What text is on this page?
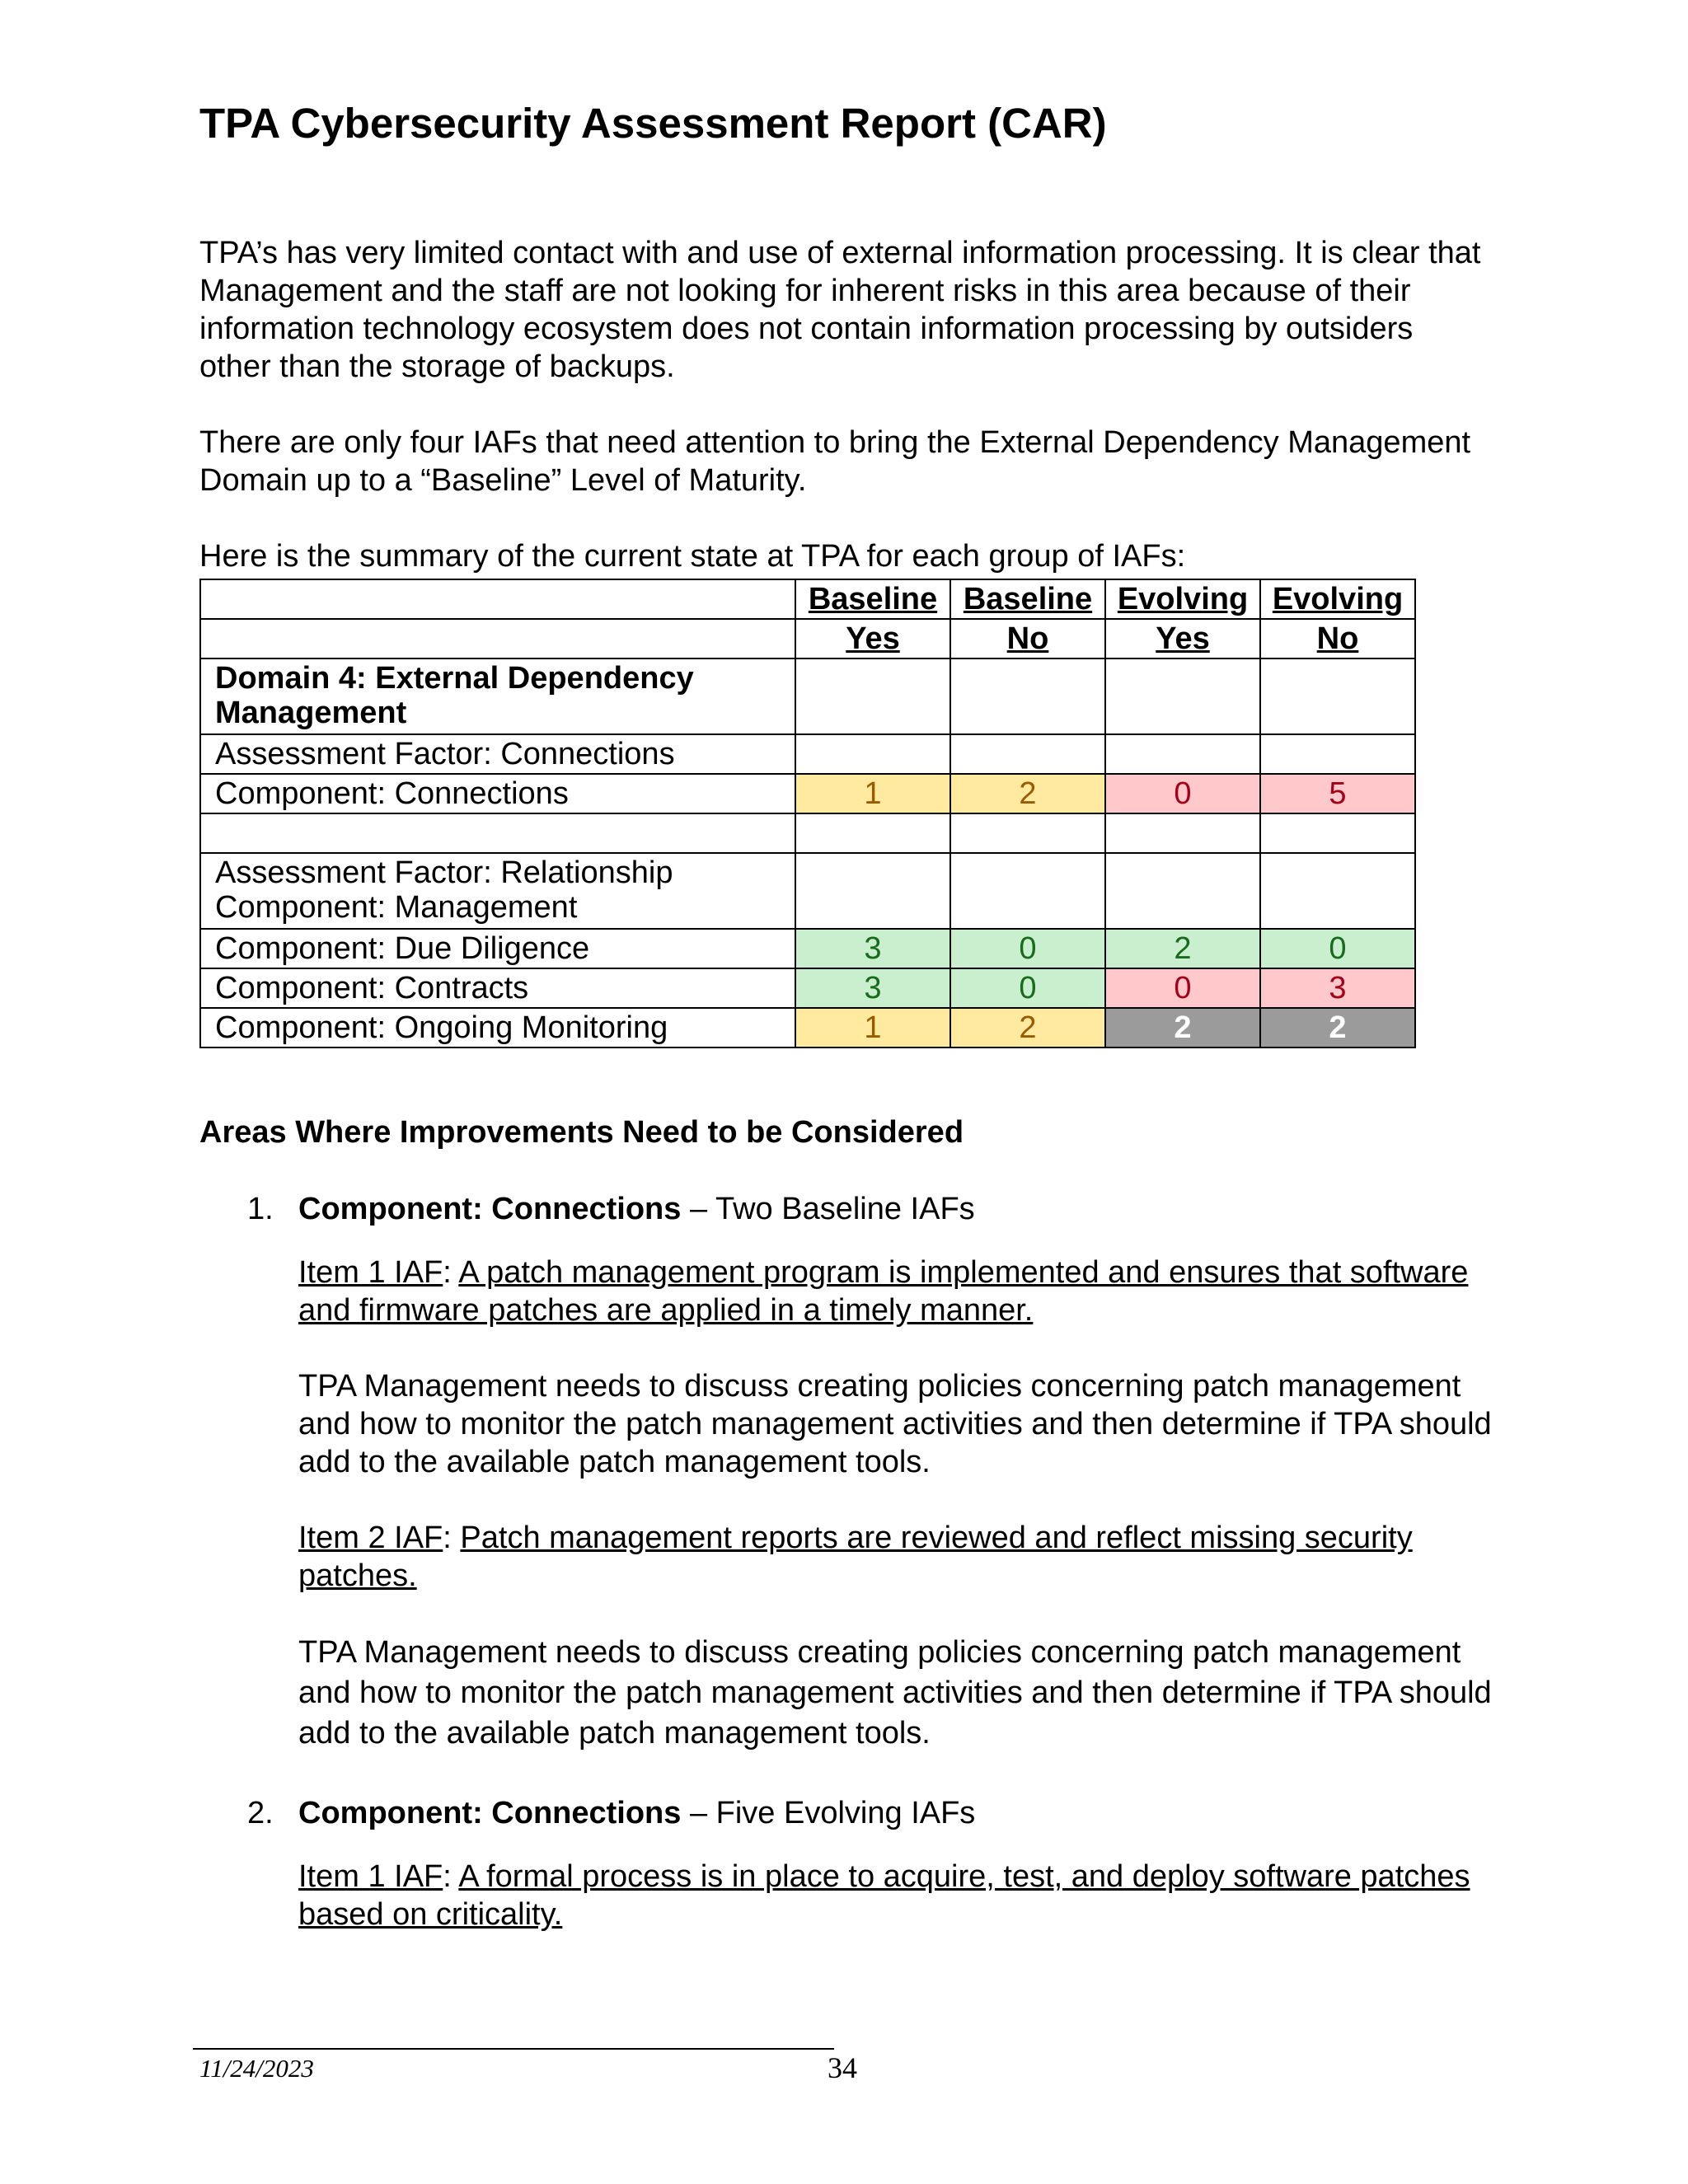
TPA Cybersecurity Assessment Report (CAR)

TPA’s has very limited contact with and use of external information processing. It is clear that Management and the staff are not looking for inherent risks in this area because of their information technology ecosystem does not contain information processing by outsiders other than the storage of backups.

There are only four IAFs that need attention to bring the External Dependency Management Domain up to a “Baseline” Level of Maturity.

Here is the summary of the current state at TPA for each group of IAFs:

	Baseline	Baseline	Evolving	Evolving
	Yes	No	Yes	No
Domain 4: External Dependency Management				
Assessment Factor: Connections				
Component: Connections	1	2	0	5

Assessment Factor: Relationship Component: Management				
Component: Due Diligence	3	0	2	0
Component: Contracts	3	0	0	3
Component: Ongoing Monitoring	1	2	2	2
Areas Where Improvements Need to be Considered
1. Component: Connections – Two Baseline IAFs

Item 1 IAF: A patch management program is implemented and ensures that software and firmware patches are applied in a timely manner.

TPA Management needs to discuss creating policies concerning patch management and how to monitor the patch management activities and then determine if TPA should add to the available patch management tools.

Item 2 IAF: Patch management reports are reviewed and reflect missing security patches.

TPA Management needs to discuss creating policies concerning patch management and how to monitor the patch management activities and then determine if TPA should add to the available patch management tools.

2. Component: Connections – Five Evolving IAFs

Item 1 IAF: A formal process is in place to acquire, test, and deploy software patches based on criticality.

11/24/2023	34
